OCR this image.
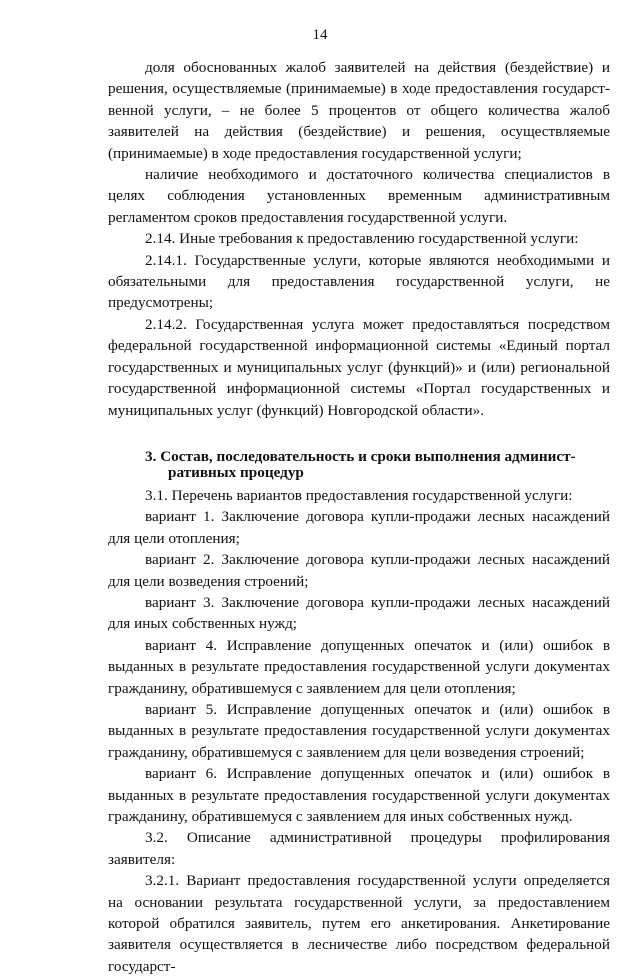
14

доля обоснованных жалоб заявителей на действия (бездействие) и решения, осуществляемые (принимаемые) в ходе предоставления государственной услуги, – не более 5 процентов от общего количества жалоб заявителей на действия (бездействие) и решения, осуществляемые (принимаемые) в ходе предоставления государственной услуги;

наличие необходимого и достаточного количества специалистов в целях соблюдения установленных временным административным регламентом сроков предоставления государственной услуги.

2.14. Иные требования к предоставлению государственной услуги:

2.14.1. Государственные услуги, которые являются необходимыми и обязательными для предоставления государственной услуги, не предусмотрены;

2.14.2. Государственная услуга может предоставляться посредством федеральной государственной информационной системы «Единый портал государственных и муниципальных услуг (функций)» и (или) региональной государственной информационной системы «Портал государственных и муниципальных услуг (функций) Новгородской области».

3. Состав, последовательность и сроки выполнения админист-ративных процедур

3.1. Перечень вариантов предоставления государственной услуги:

вариант 1. Заключение договора купли-продажи лесных насаждений для цели отопления;

вариант 2. Заключение договора купли-продажи лесных насаждений для цели возведения строений;

вариант 3. Заключение договора купли-продажи лесных насаждений для иных собственных нужд;

вариант 4. Исправление допущенных опечаток и (или) ошибок в выданных в результате предоставления государственной услуги документах гражданину, обратившемуся с заявлением для цели отопления;

вариант 5. Исправление допущенных опечаток и (или) ошибок в выданных в результате предоставления государственной услуги документах гражданину, обратившемуся с заявлением для цели возведения строений;

вариант 6. Исправление допущенных опечаток и (или) ошибок в выданных в результате предоставления государственной услуги документах гражданину, обратившемуся с заявлением для иных собственных нужд.

3.2. Описание административной процедуры профилирования заявителя:

3.2.1. Вариант предоставления государственной услуги определяется на основании результата государственной услуги, за предоставлением которой обратился заявитель, путем его анкетирования. Анкетирование заявителя осуществляется в лесничестве либо посредством федеральной государст-
